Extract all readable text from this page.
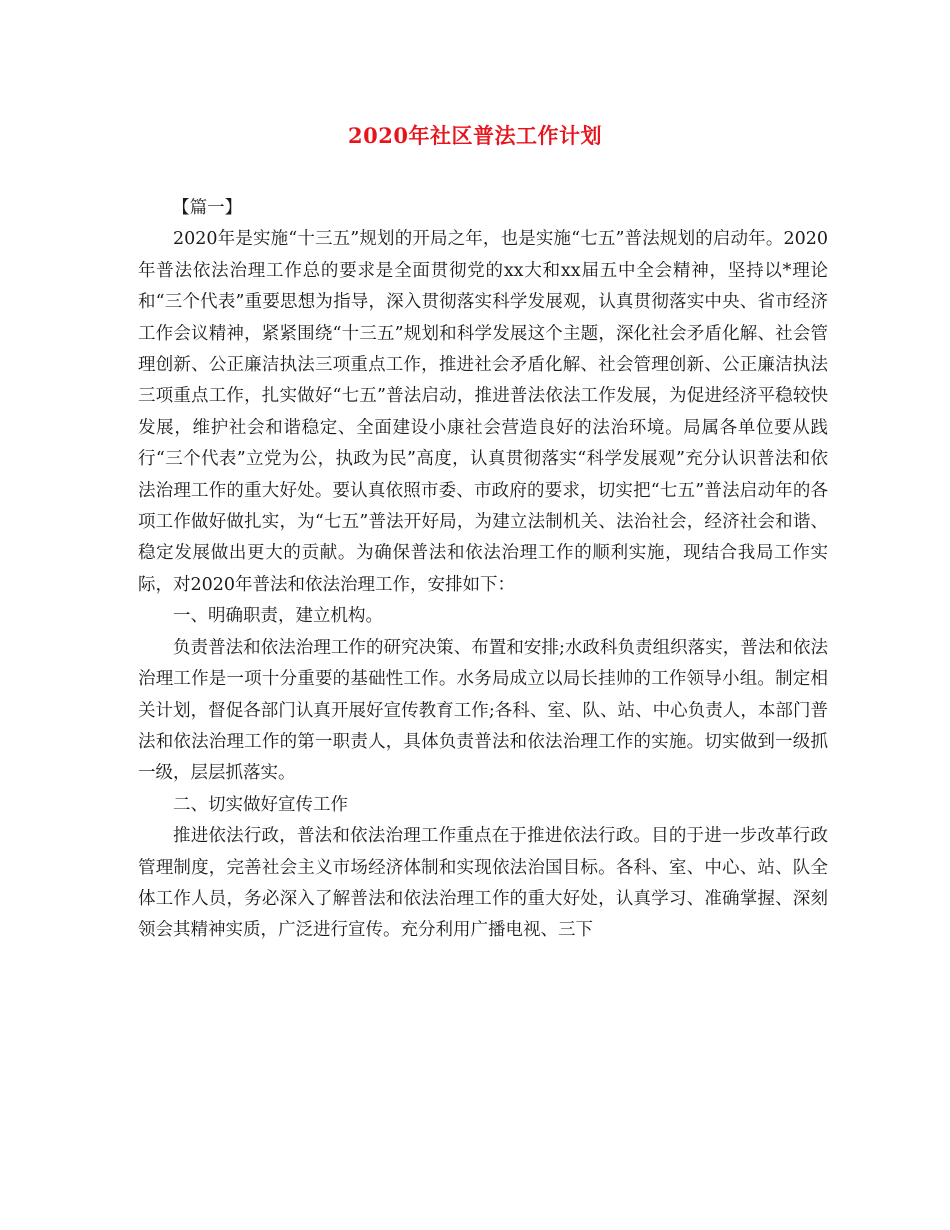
2020年社区普法工作计划

【篇一】

2020年是实施“十三五”规划的开局之年，也是实施“七五”普法规划的启动年。2020年普法依法治理工作总的要求是全面贯彻党的xx大和xx届五中全会精神，坚持以*理论和“三个代表”重要思想为指导，深入贯彻落实科学发展观，认真贯彻落实中央、省市经济工作会议精神，紧紧围绕“十三五”规划和科学发展这个主题，深化社会矛盾化解、社会管理创新、公正廉洁执法三项重点工作，推进社会矛盾化解、社会管理创新、公正廉洁执法三项重点工作，扎实做好“七五”普法启动，推进普法依法工作发展，为促进经济平稳较快发展，维护社会和谐稳定、全面建设小康社会营造良好的法治环境。局属各单位要从践行“三个代表”立党为公，执政为民”高度，认真贯彻落实“科学发展观”充分认识普法和依法治理工作的重大好处。要认真依照市委、市政府的要求，切实把“七五”普法启动年的各项工作做好做扎实，为“七五”普法开好局，为建立法制机关、法治社会，经济社会和谐、稳定发展做出更大的贡献。为确保普法和依法治理工作的顺利实施，现结合我局工作实际，对2020年普法和依法治理工作，安排如下：

一、明确职责，建立机构。

负责普法和依法治理工作的研究决策、布置和安排;水政科负责组织落实，普法和依法治理工作是一项十分重要的基础性工作。水务局成立以局长挂帅的工作领导小组。制定相关计划，督促各部门认真开展好宣传教育工作;各科、室、队、站、中心负责人，本部门普法和依法治理工作的第一职责人，具体负责普法和依法治理工作的实施。切实做到一级抓一级，层层抓落实。

二、切实做好宣传工作

推进依法行政，普法和依法治理工作重点在于推进依法行政。目的于进一步改革行政管理制度，完善社会主义市场经济体制和实现依法治国目标。各科、室、中心、站、队全体工作人员，务必深入了解普法和依法治理工作的重大好处，认真学习、准确掌握、深刻领会其精神实质，广泛进行宣传。充分利用广播电视、三下
